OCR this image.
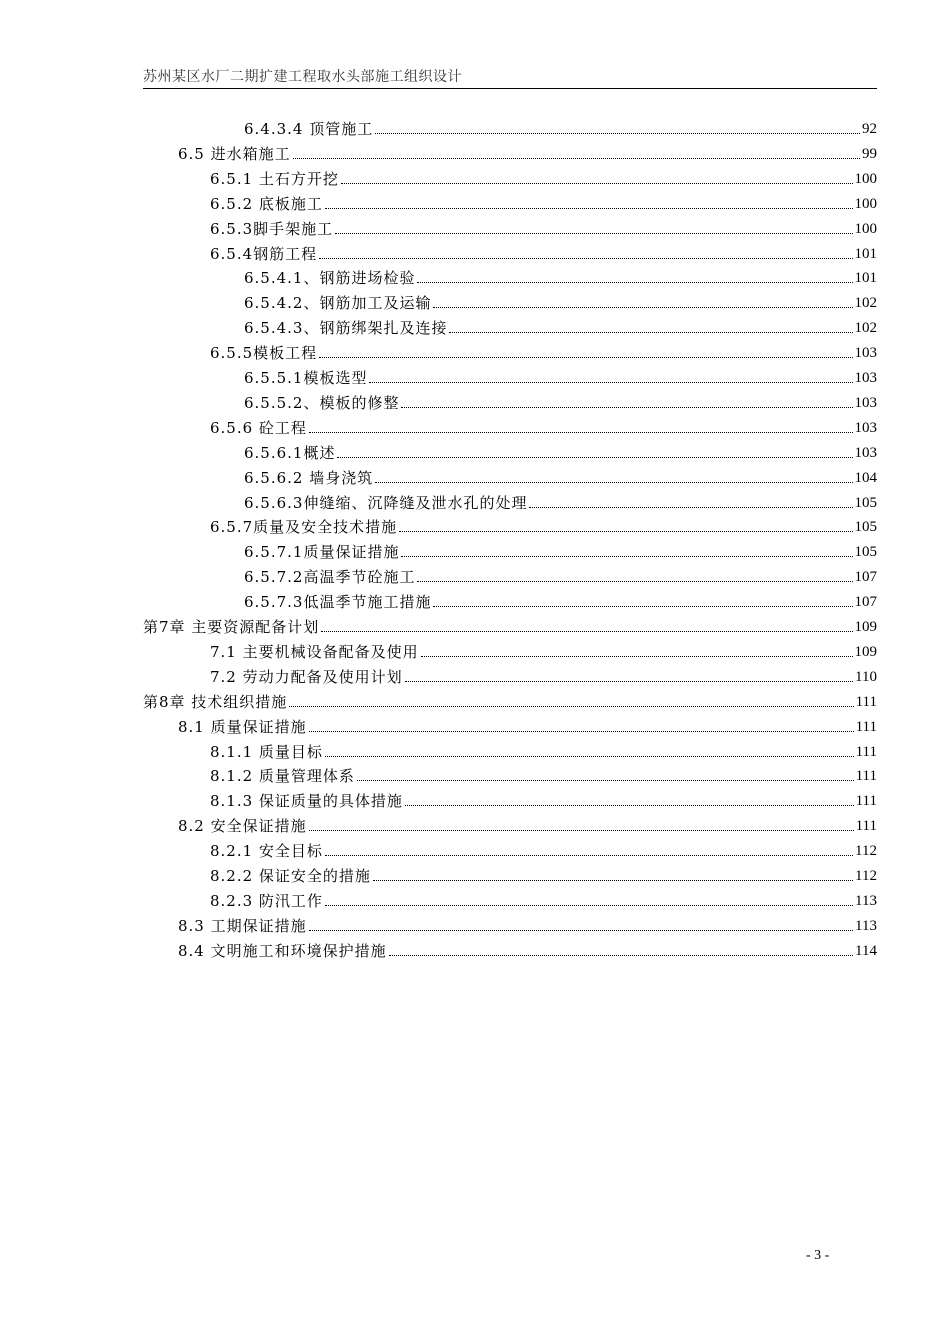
苏州某区水厂二期扩建工程取水头部施工组织设计
6.4.3.4 顶管施工	92
6.5 进水箱施工	99
6.5.1 土石方开挖	100
6.5.2 底板施工	100
6.5.3脚手架施工	100
6.5.4钢筋工程	101
6.5.4.1、钢筋进场检验	101
6.5.4.2、钢筋加工及运输	102
6.5.4.3、钢筋绑架扎及连接	102
6.5.5模板工程	103
6.5.5.1模板选型	103
6.5.5.2、模板的修整	103
6.5.6 砼工程	103
6.5.6.1概述	103
6.5.6.2 墙身浇筑	104
6.5.6.3伸缝缩、沉降缝及泄水孔的处理	105
6.5.7质量及安全技术措施	105
6.5.7.1质量保证措施	105
6.5.7.2高温季节砼施工	107
6.5.7.3低温季节施工措施	107
第7章 主要资源配备计划	109
7.1 主要机械设备配备及使用	109
7.2 劳动力配备及使用计划	110
第8章 技术组织措施	111
8.1 质量保证措施	111
8.1.1 质量目标	111
8.1.2 质量管理体系	111
8.1.3 保证质量的具体措施	111
8.2 安全保证措施	111
8.2.1 安全目标	112
8.2.2 保证安全的措施	112
8.2.3 防汛工作	113
8.3 工期保证措施	113
8.4 文明施工和环境保护措施	114
- 3 -
